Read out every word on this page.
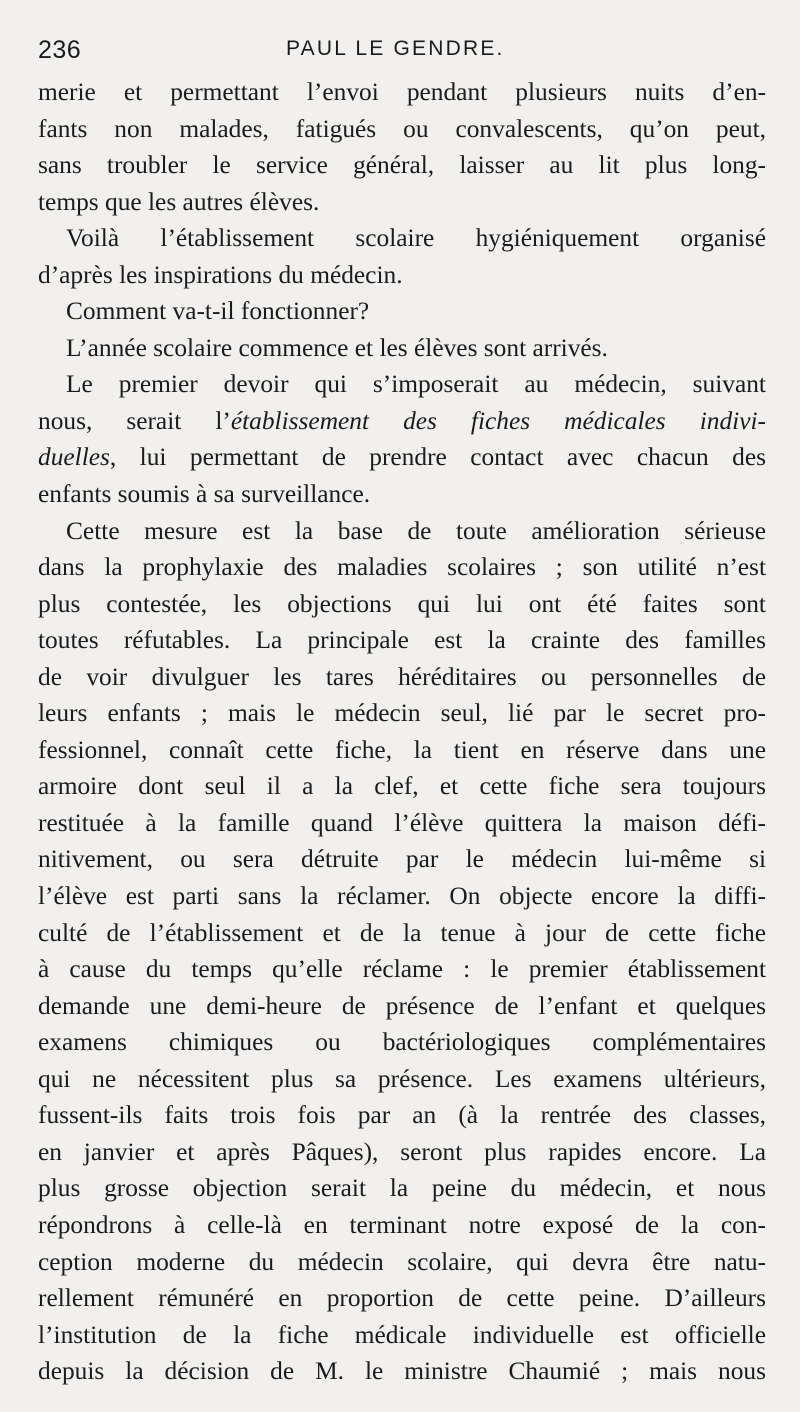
236	PAUL LE GENDRE.
merie et permettant l’envoi pendant plusieurs nuits d’en-
fants non malades, fatigués ou convalescents, qu’on peut,
sans troubler le service général, laisser au lit plus long-
temps que les autres élèves.
Voilà l’établissement scolaire hygiéniquement organisé
d’après les inspirations du médecin.
Comment va-t-il fonctionner?
L’année scolaire commence et les élèves sont arrivés.
Le premier devoir qui s’imposerait au médecin, suivant
nous, serait l’établissement des fiches médicales indivi-
duelles, lui permettant de prendre contact avec chacun des
enfants soumis à sa surveillance.
Cette mesure est la base de toute amélioration sérieuse
dans la prophylaxie des maladies scolaires ; son utilité n’est
plus contestée, les objections qui lui ont été faites sont
toutes réfutables. La principale est la crainte des familles
de voir divulguer les tares héréditaires ou personnelles de
leurs enfants ; mais le médecin seul, lié par le secret pro-
fessionnel, connaît cette fiche, la tient en réserve dans une
armoire dont seul il a la clef, et cette fiche sera toujours
restituée à la famille quand l’élève quittera la maison défi-
nitivement, ou sera détruite par le médecin lui-même si
l’élève est parti sans la réclamer. On objecte encore la diffi-
culté de l’établissement et de la tenue à jour de cette fiche
à cause du temps qu’elle réclame : le premier établissement
demande une demi-heure de présence de l’enfant et quelques
examens chimiques ou bactériologiques complémentaires
qui ne nécessitent plus sa présence. Les examens ultérieurs,
fussent-ils faits trois fois par an (à la rentrée des classes,
en janvier et après Pâques), seront plus rapides encore. La
plus grosse objection serait la peine du médecin, et nous
répondrons à celle-là en terminant notre exposé de la con-
ception moderne du médecin scolaire, qui devra être natu-
rellement rémunéré en proportion de cette peine. D’ailleurs
l’institution de la fiche médicale individuelle est officielle
depuis la décision de M. le ministre Chaumié ; mais nous
